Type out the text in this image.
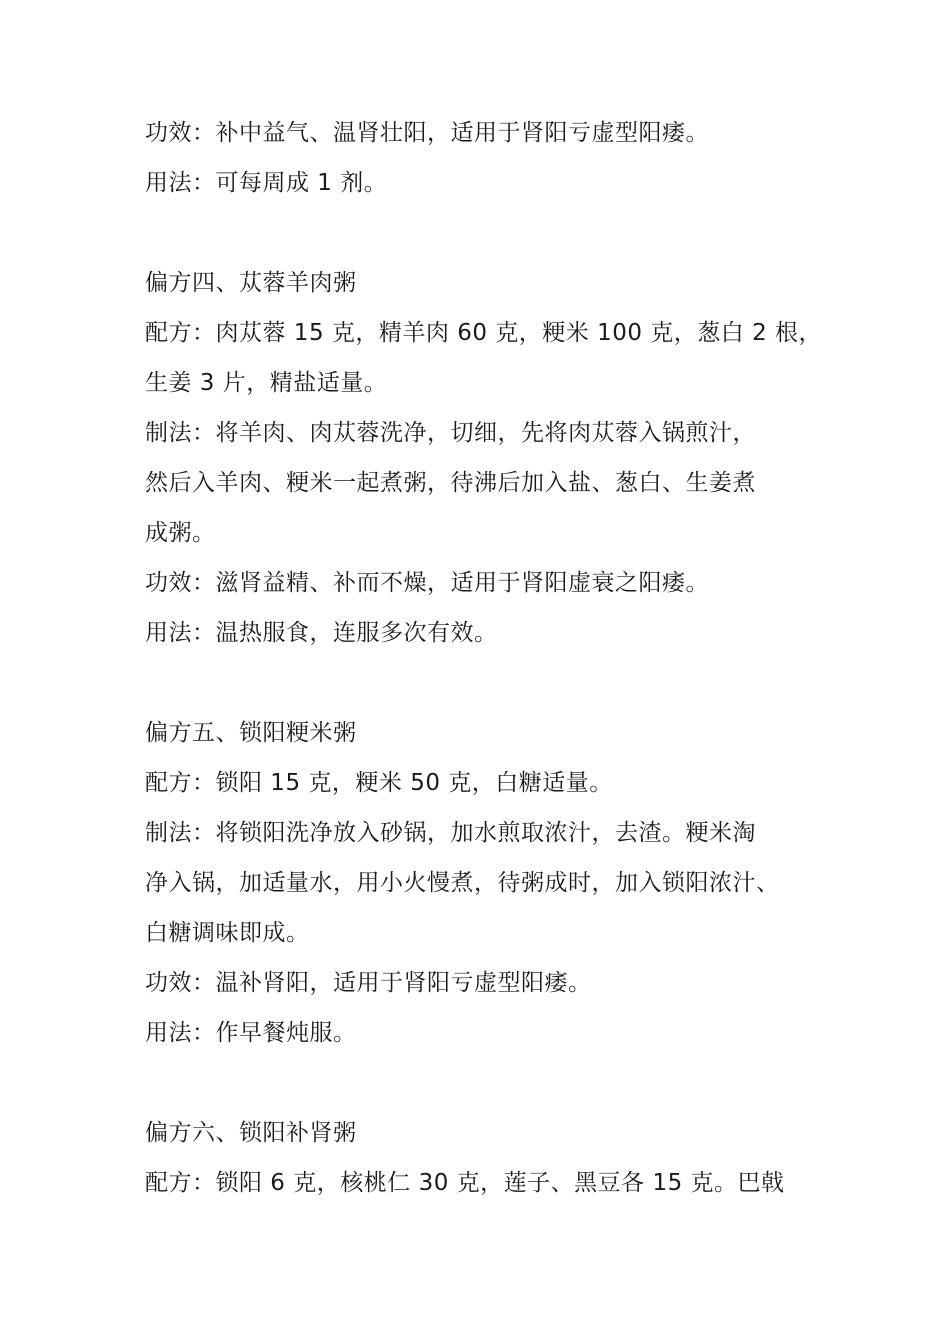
功效：补中益气、温肾壮阳，适用于肾阳亏虚型阳痿。

用法：可每周成 1 剂。

偏方四、苁蓉羊肉粥

配方：肉苁蓉 15 克，精羊肉 60 克，粳米 100 克，葱白 2 根，

生姜 3 片，精盐适量。

制法：将羊肉、肉苁蓉洗净，切细，先将肉苁蓉入锅煎汁，

然后入羊肉、粳米一起煮粥，待沸后加入盐、葱白、生姜煮

成粥。

功效：滋肾益精、补而不燥，适用于肾阳虚衰之阳痿。

用法：温热服食，连服多次有效。

偏方五、锁阳粳米粥

配方：锁阳 15 克，粳米 50 克，白糖适量。

制法：将锁阳洗净放入砂锅，加水煎取浓汁，去渣。粳米淘

净入锅，加适量水，用小火慢煮，待粥成时，加入锁阳浓汁、

白糖调味即成。

功效：温补肾阳，适用于肾阳亏虚型阳痿。

用法：作早餐炖服。

偏方六、锁阳补肾粥

配方：锁阳 6 克，核桃仁 30 克，莲子、黑豆各 15 克。巴戟
